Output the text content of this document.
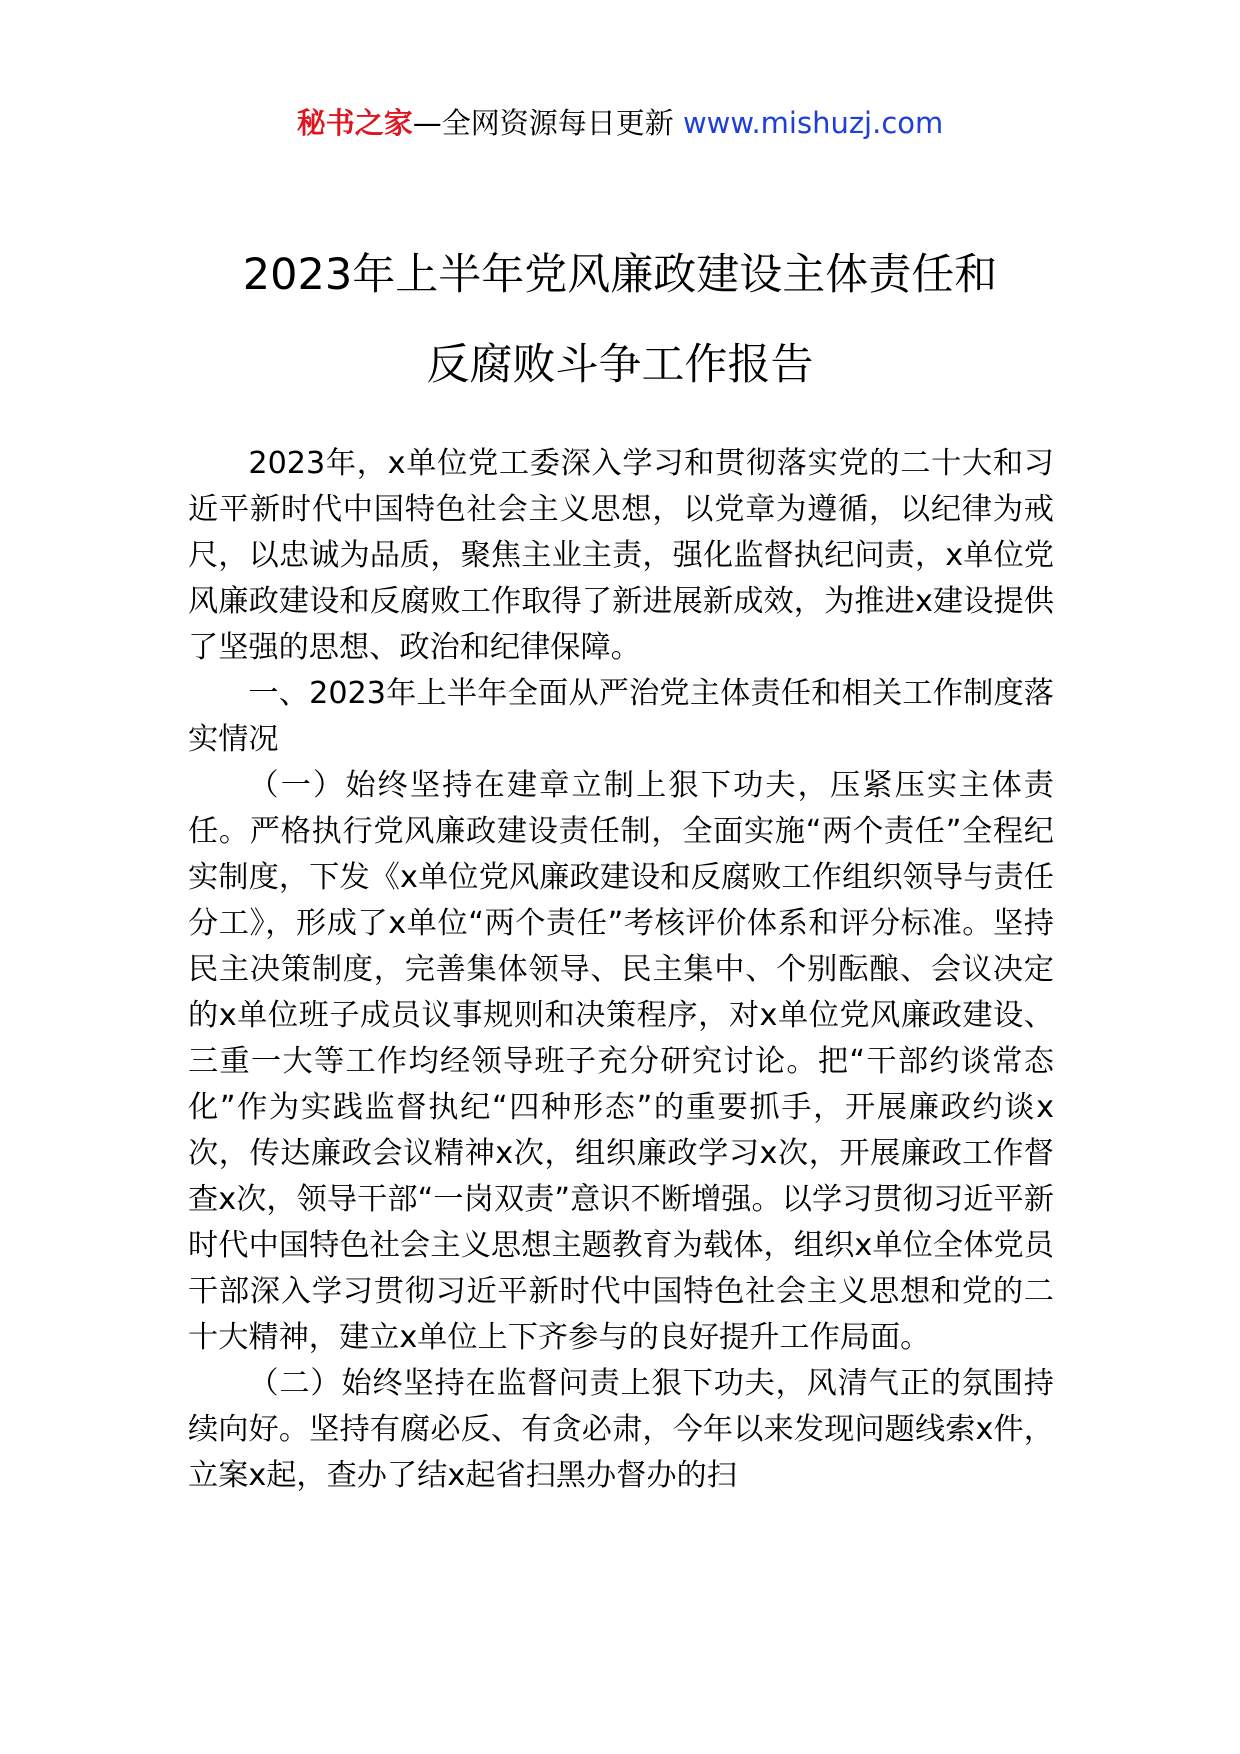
秘书之家—全网资源每日更新 www.mishuzj.com
2023年上半年党风廉政建设主体责任和
反腐败斗争工作报告

2023年，x单位党工委深入学习和贯彻落实党的二十大和习近平新时代中国特色社会主义思想，以党章为遵循，以纪律为戒尺，以忠诚为品质，聚焦主业主责，强化监督执纪问责，x单位党风廉政建设和反腐败工作取得了新进展新成效，为推进x建设提供了坚强的思想、政治和纪律保障。

一、2023年上半年全面从严治党主体责任和相关工作制度落实情况

（一）始终坚持在建章立制上狠下功夫，压紧压实主体责任。严格执行党风廉政建设责任制，全面实施“两个责任”全程纪实制度，下发《x单位党风廉政建设和反腐败工作组织领导与责任分工》，形成了x单位“两个责任”考核评价体系和评分标准。坚持民主决策制度，完善集体领导、民主集中、个别酝酿、会议决定的x单位班子成员议事规则和决策程序，对x单位党风廉政建设、三重一大等工作均经领导班子充分研究讨论。把“干部约谈常态化”作为实践监督执纪“四种形态”的重要抓手，开展廉政约谈x次，传达廉政会议精神x次，组织廉政学习x次，开展廉政工作督查x次，领导干部“一岗双责”意识不断增强。以学习贯彻习近平新时代中国特色社会主义思想主题教育为载体，组织x单位全体党员干部深入学习贯彻习近平新时代中国特色社会主义思想和党的二十大精神，建立x单位上下齐参与的良好提升工作局面。

（二）始终坚持在监督问责上狠下功夫，风清气正的氛围持续向好。坚持有腐必反、有贪必肃，今年以来发现问题线索x件，立案x起，查办了结x起省扫黑办督办的扫
